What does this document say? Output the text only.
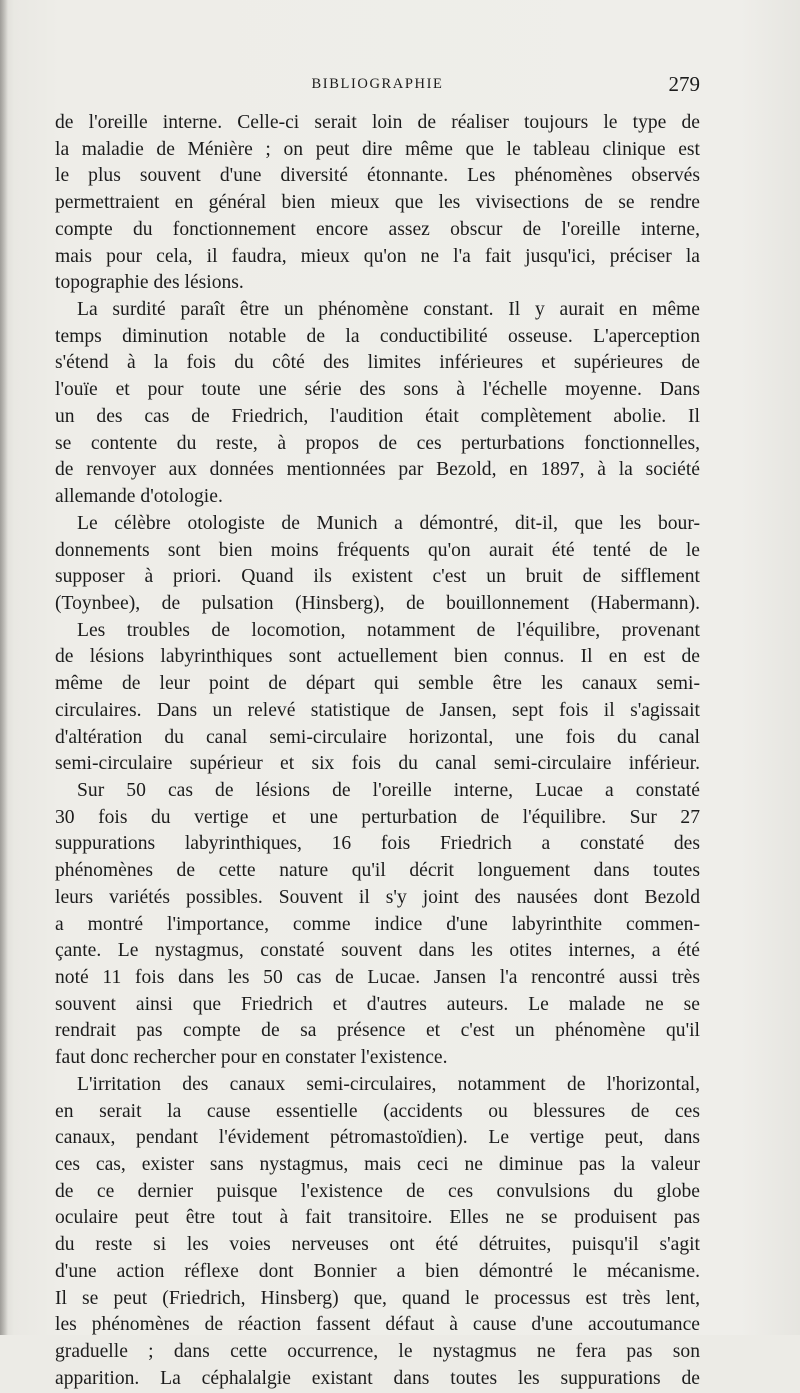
BIBLIOGRAPHIE	279
de l'oreille interne. Celle-ci serait loin de réaliser toujours le type de
la maladie de Ménière ; on peut dire même que le tableau clinique est
le plus souvent d'une diversité étonnante. Les phénomènes observés
permettraient en général bien mieux que les vivisections de se rendre
compte du fonctionnement encore assez obscur de l'oreille interne,
mais pour cela, il faudra, mieux qu'on ne l'a fait jusqu'ici, préciser la
topographie des lésions.
La surdité paraît être un phénomène constant. Il y aurait en même
temps diminution notable de la conductibilité osseuse. L'aperception
s'étend à la fois du côté des limites inférieures et supérieures de
l'ouïe et pour toute une série des sons à l'échelle moyenne. Dans
un des cas de Friedrich, l'audition était complètement abolie. Il
se contente du reste, à propos de ces perturbations fonctionnelles,
de renvoyer aux données mentionnées par Bezold, en 1897, à la société
allemande d'otologie.
Le célèbre otologiste de Munich a démontré, dit-il, que les bour-
donnements sont bien moins fréquents qu'on aurait été tenté de le
supposer à priori. Quand ils existent c'est un bruit de sifflement
(Toynbee), de pulsation (Hinsberg), de bouillonnement (Habermann).
Les troubles de locomotion, notamment de l'équilibre, provenant
de lésions labyrinthiques sont actuellement bien connus. Il en est de
même de leur point de départ qui semble être les canaux semi-
circulaires. Dans un relevé statistique de Jansen, sept fois il s'agissait
d'altération du canal semi-circulaire horizontal, une fois du canal
semi-circulaire supérieur et six fois du canal semi-circulaire inférieur.
Sur 50 cas de lésions de l'oreille interne, Lucae a constaté
30 fois du vertige et une perturbation de l'équilibre. Sur 27
suppurations labyrinthiques, 16 fois Friedrich a constaté des
phénomènes de cette nature qu'il décrit longuement dans toutes
leurs variétés possibles. Souvent il s'y joint des nausées dont Bezold
a montré l'importance, comme indice d'une labyrinthite commen-
çante. Le nystagmus, constaté souvent dans les otites internes, a été
noté 11 fois dans les 50 cas de Lucae. Jansen l'a rencontré aussi très
souvent ainsi que Friedrich et d'autres auteurs. Le malade ne se
rendrait pas compte de sa présence et c'est un phénomène qu'il
faut donc rechercher pour en constater l'existence.
L'irritation des canaux semi-circulaires, notamment de l'horizontal,
en serait la cause essentielle (accidents ou blessures de ces
canaux, pendant l'évidement pétromastoïdien). Le vertige peut, dans
ces cas, exister sans nystagmus, mais ceci ne diminue pas la valeur
de ce dernier puisque l'existence de ces convulsions du globe
oculaire peut être tout à fait transitoire. Elles ne se produisent pas
du reste si les voies nerveuses ont été détruites, puisqu'il s'agit
d'une action réflexe dont Bonnier a bien démontré le mécanisme.
Il se peut (Friedrich, Hinsberg) que, quand le processus est très lent,
les phénomènes de réaction fassent défaut à cause d'une accoutumance
graduelle ; dans cette occurrence, le nystagmus ne fera pas son
apparition. La céphalalgie existant dans toutes les suppurations de
